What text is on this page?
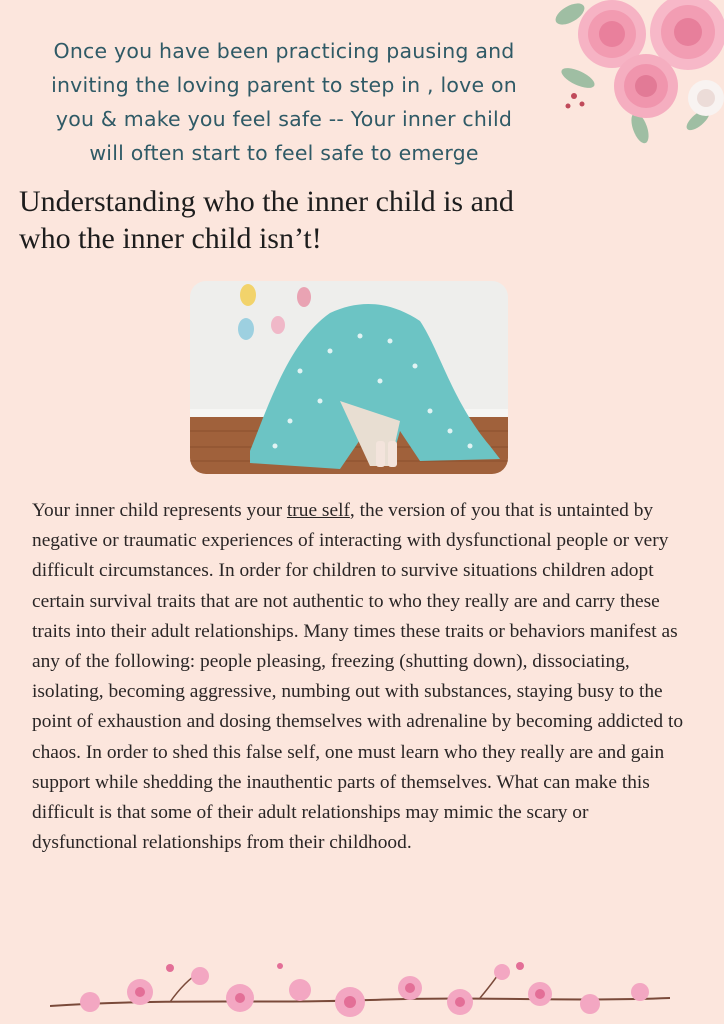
Once you have been practicing pausing and
inviting the loving parent to step in , love on
you & make you feel safe -- Your inner child
will often start to feel safe to emerge
Understanding who the inner child is and
who the inner child isn’t!

Your inner child represents your true self, the version of you that is untainted by negative or traumatic experiences of interacting with dysfunctional people or very difficult circumstances. In order for children to survive situations children adopt certain survival traits that are not authentic to who they really are and carry these traits into their adult relationships. Many times these traits or behaviors manifest as any of the following: people pleasing, freezing (shutting down), dissociating, isolating, becoming aggressive, numbing out with substances, staying busy to the point of exhaustion and dosing themselves with adrenaline by becoming addicted to chaos. In order to shed this false self, one must learn who they really are and gain support while shedding the inauthentic parts of themselves. What can make this difficult is that some of their adult relationships may mimic the scary or dysfunctional relationships from their childhood.
